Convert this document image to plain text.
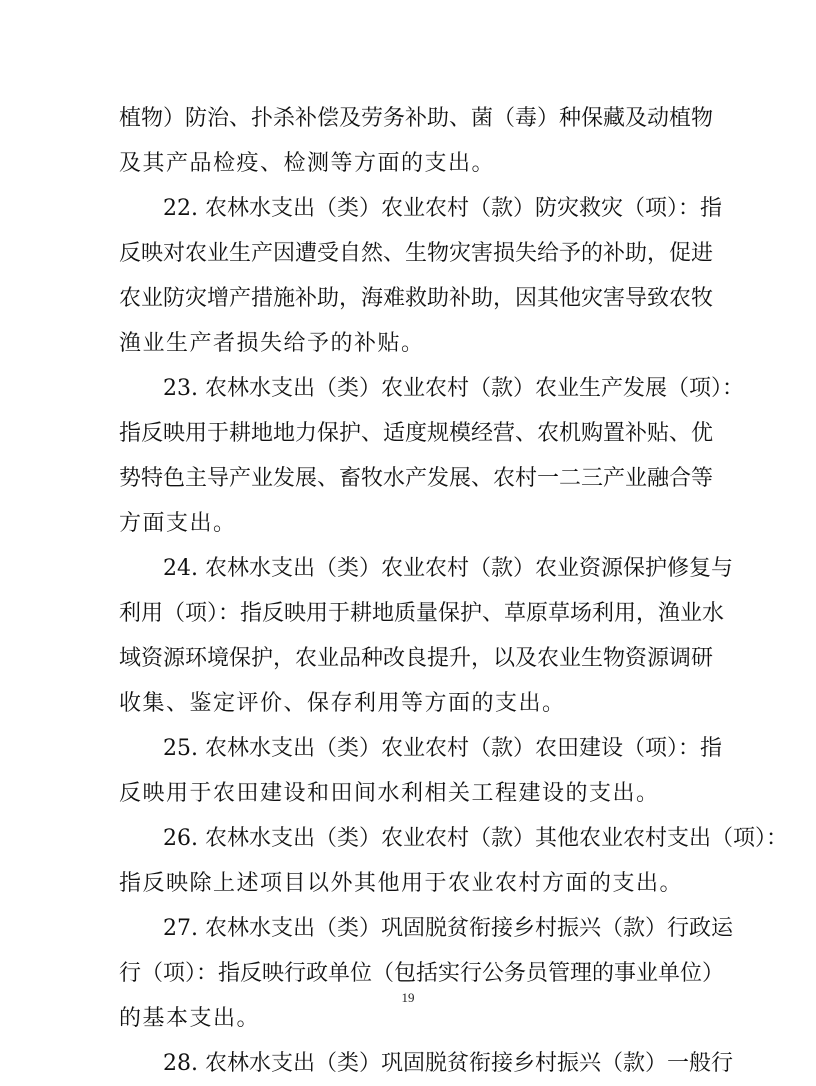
植物）防治、扑杀补偿及劳务补助、菌（毒）种保藏及动植物
及其产品检疫、检测等方面的支出。
22. 农林水支出（类）农业农村（款）防灾救灾（项）：指
反映对农业生产因遭受自然、生物灾害损失给予的补助，促进
农业防灾增产措施补助，海难救助补助，因其他灾害导致农牧
渔业生产者损失给予的补贴。
23. 农林水支出（类）农业农村（款）农业生产发展（项）：
指反映用于耕地地力保护、适度规模经营、农机购置补贴、优
势特色主导产业发展、畜牧水产发展、农村一二三产业融合等
方面支出。
24. 农林水支出（类）农业农村（款）农业资源保护修复与
利用（项）：指反映用于耕地质量保护、草原草场利用，渔业水
域资源环境保护，农业品种改良提升，以及农业生物资源调研
收集、鉴定评价、保存利用等方面的支出。
25. 农林水支出（类）农业农村（款）农田建设（项）：指
反映用于农田建设和田间水利相关工程建设的支出。
26. 农林水支出（类）农业农村（款）其他农业农村支出（项）：
指反映除上述项目以外其他用于农业农村方面的支出。
27. 农林水支出（类）巩固脱贫衔接乡村振兴（款）行政运
行（项）：指反映行政单位（包括实行公务员管理的事业单位）
的基本支出。
28. 农林水支出（类）巩固脱贫衔接乡村振兴（款）一般行
19
